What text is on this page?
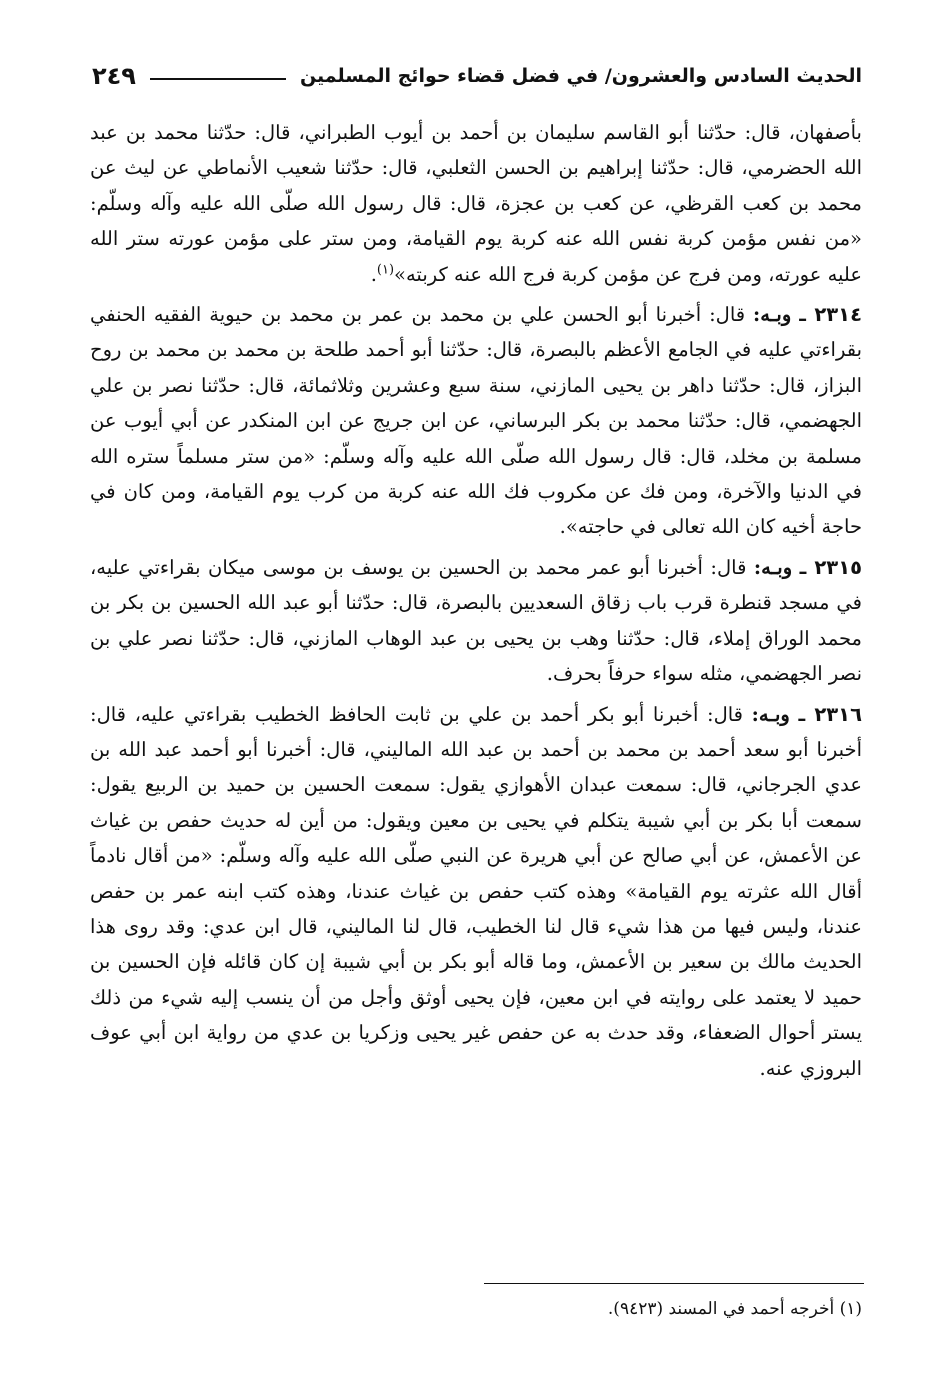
الحديث السادس والعشرون/ في فضل قضاء حوائج المسلمين
٢٤٩

بأصفهان، قال: حدّثنا أبو القاسم سليمان بن أحمد بن أيوب الطبراني، قال: حدّثنا محمد بن عبد الله الحضرمي، قال: حدّثنا إبراهيم بن الحسن الثعلبي، قال: حدّثنا شعيب الأنماطي عن ليث عن محمد بن كعب القرظي، عن كعب بن عجزة، قال: قال رسول الله صلّى الله عليه وآله وسلّم: «من نفس مؤمن كربة نفس الله عنه كربة يوم القيامة، ومن ستر على مؤمن عورته ستر الله عليه عورته، ومن فرج عن مؤمن كربة فرج الله عنه كربته»$^{(١)}$.

٢٣١٤ ـ وبـه: قال: أخبرنا أبو الحسن علي بن محمد بن عمر بن محمد بن حيوية الفقيه الحنفي بقراءتي عليه في الجامع الأعظم بالبصرة، قال: حدّثنا أبو أحمد طلحة بن محمد بن محمد بن روح البزاز، قال: حدّثنا داهر بن يحيى المازني، سنة سبع وعشرين وثلاثمائة، قال: حدّثنا نصر بن علي الجهضمي، قال: حدّثنا محمد بن بكر البرساني، عن ابن جريج عن ابن المنكدر عن أبي أيوب عن مسلمة بن مخلد، قال: قال رسول الله صلّى الله عليه وآله وسلّم: «من ستر مسلماً ستره الله في الدنيا والآخرة، ومن فك عن مكروب فك الله عنه كربة من كرب يوم القيامة، ومن كان في حاجة أخيه كان الله تعالى في حاجته».

٢٣١٥ ـ وبـه: قال: أخبرنا أبو عمر محمد بن الحسين بن يوسف بن موسى ميكان بقراءتي عليه، في مسجد قنطرة قرب باب زقاق السعديين بالبصرة، قال: حدّثنا أبو عبد الله الحسين بن بكر بن محمد الوراق إملاء، قال: حدّثنا وهب بن يحيى بن عبد الوهاب المازني، قال: حدّثنا نصر علي بن نصر الجهضمي، مثله سواء حرفاً بحرف.

٢٣١٦ ـ وبـه: قال: أخبرنا أبو بكر أحمد بن علي بن ثابت الحافظ الخطيب بقراءتي عليه، قال: أخبرنا أبو سعد أحمد بن محمد بن أحمد بن عبد الله الماليني، قال: أخبرنا أبو أحمد عبد الله بن عدي الجرجاني، قال: سمعت عبدان الأهوازي يقول: سمعت الحسين بن حميد بن الربيع يقول: سمعت أبا بكر بن أبي شيبة يتكلم في يحيى بن معين ويقول: من أين له حديث حفص بن غياث عن الأعمش، عن أبي صالح عن أبي هريرة عن النبي صلّى الله عليه وآله وسلّم: «من أقال نادماً أقال الله عثرته يوم القيامة» وهذه كتب حفص بن غياث عندنا، وهذه كتب ابنه عمر بن حفص عندنا، وليس فيها من هذا شيء قال لنا الخطيب، قال لنا الماليني، قال ابن عدي: وقد روى هذا الحديث مالك بن سعير بن الأعمش، وما قاله أبو بكر بن أبي شيبة إن كان قائله فإن الحسين بن حميد لا يعتمد على روايته في ابن معين، فإن يحيى أوثق وأجل من أن ينسب إليه شيء من ذلك يستر أحوال الضعفاء، وقد حدث به عن حفص غير يحيى وزكريا بن عدي من رواية ابن أبي عوف البروزي عنه.

(١) أخرجه أحمد في المسند (٩٤٢٣).
